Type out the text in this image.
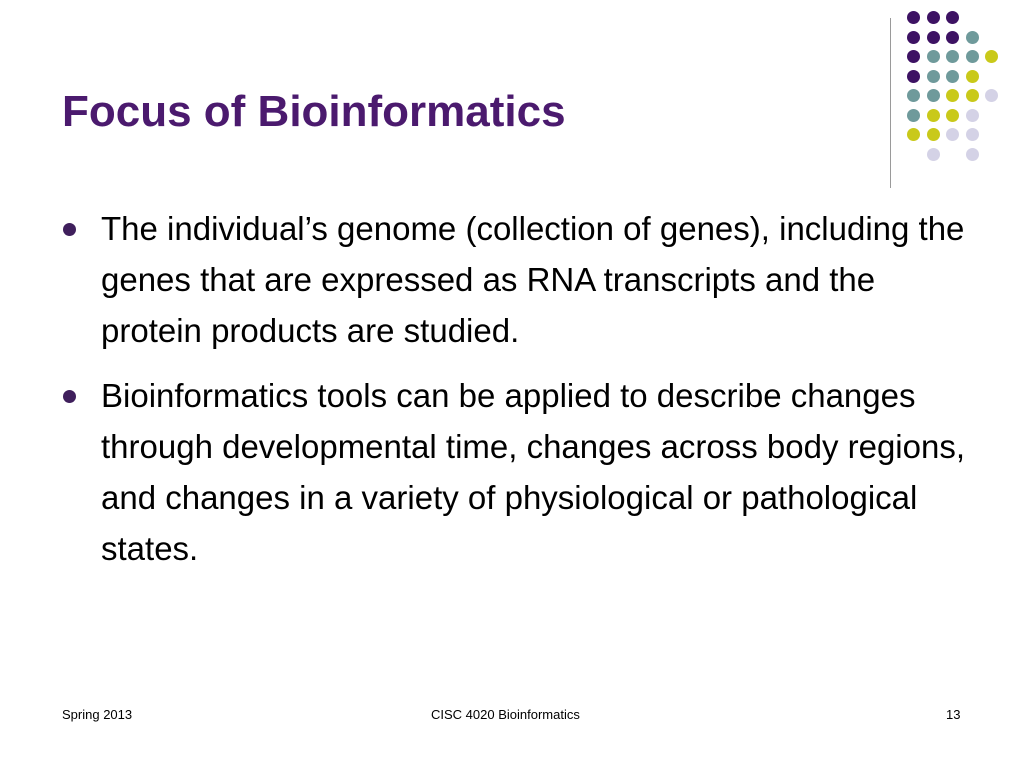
Focus of Bioinformatics
The individual’s genome (collection of genes), including the genes that are expressed as RNA transcripts and the protein products are studied.
Bioinformatics tools can be applied to describe changes through developmental time, changes across body regions, and changes in a variety of physiological or pathological states.
Spring 2013	CISC 4020 Bioinformatics	13
